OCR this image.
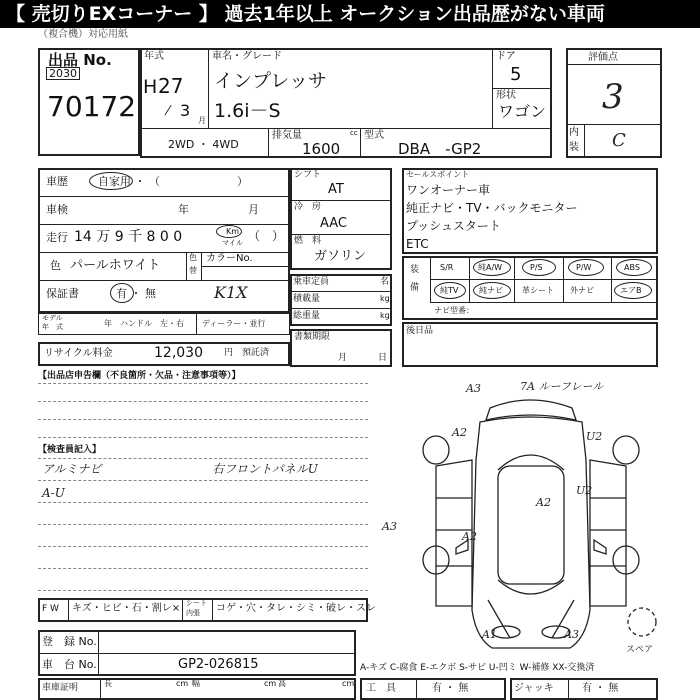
【 売切りEXコーナー 】 過去1年以上 オークション出品歴がない車両
（複合機）対応用紙
出品 No.
2030
70172
年式
H 27
/ 3
月
車名・グレード
インプレッサ
1.6i－S
ドア
5
形状
ワゴン
2WD ・ 4WD
排気量	cc
1600
型式
DBA　-GP2
評価点
3
内
装 C
車歴	自家用 ・ （　　　　　　　）
車検	年	月
走行 14 万 9 千 8 0 0	Km
マイル （　）
色 パールホワイト
色
替
カラーNo.
保証書	有 ・ 無	K1X
モデル
年　式	年 ハンドル　左・右 ディーラー・並行
リサイクル料金	12,030 円 預託済
シフト
AT
冷　房
AAC
燃　料
ガソリン
乗車定員	名
積載量	kg
総重量	kg
書類期限
月	日
セールスポイント
ワンオーナー車
純正ナビ・TV・バックモニター
プッシュスタート
ETC
装
備
S/R	純A/W	P/S	P/W	ABS
純TV	純ナビ 革シート 外ナビ	エアB
ナビ型番：
後日品
【出品店申告欄（不良箇所・欠品・注意事項等）】
【検査員記入】
アルミナビ	右フロントパネルU
A-U
F W キズ・ヒビ・石・割レ× シート
内張 コゲ・穴・タレ・シミ・破レ・スレ
登　録 No.
車　台 No.	GP2-026815
車庫証明	長	cm 幅	cm 高	cm
A-キズ C-腐食 E-エクボ S-サビ U-凹ミ W-補修 XX-交換済
工　具	有 ・ 無	ジャッキ	有 ・ 無
A3	7A ルーフレール
A2	U2
A3
A2
A2
U2
A1	A3
スペア
